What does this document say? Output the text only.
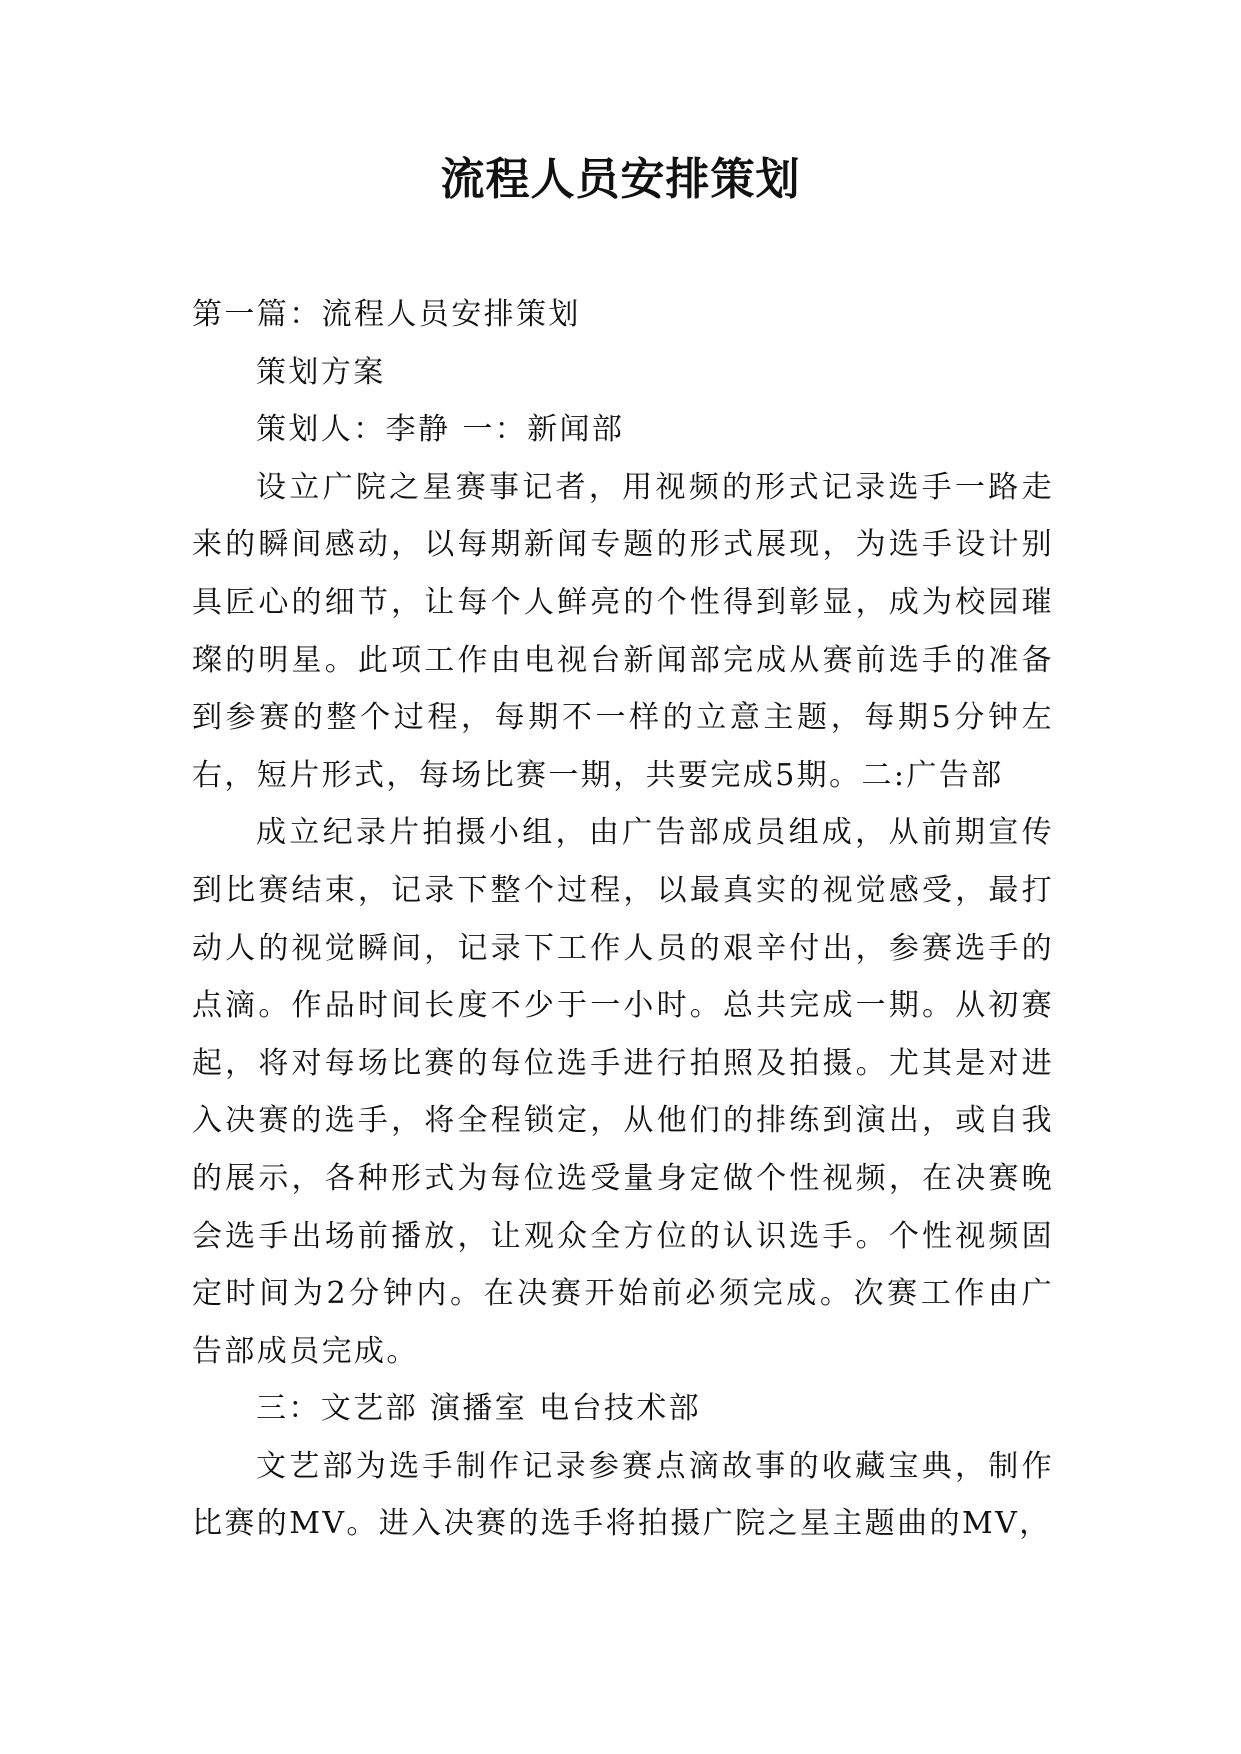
流程人员安排策划

第一篇：流程人员安排策划

策划方案

策划人：李静 一：新闻部

设立广院之星赛事记者，用视频的形式记录选手一路走来的瞬间感动，以每期新闻专题的形式展现，为选手设计别具匠心的细节，让每个人鲜亮的个性得到彰显，成为校园璀璨的明星。此项工作由电视台新闻部完成从赛前选手的准备到参赛的整个过程，每期不一样的立意主题，每期5分钟左右，短片形式，每场比赛一期，共要完成5期。二:广告部

成立纪录片拍摄小组，由广告部成员组成，从前期宣传到比赛结束，记录下整个过程，以最真实的视觉感受，最打动人的视觉瞬间，记录下工作人员的艰辛付出，参赛选手的点滴。作品时间长度不少于一小时。总共完成一期。从初赛起，将对每场比赛的每位选手进行拍照及拍摄。尤其是对进入决赛的选手，将全程锁定，从他们的排练到演出，或自我的展示，各种形式为每位选受量身定做个性视频，在决赛晚会选手出场前播放，让观众全方位的认识选手。个性视频固定时间为2分钟内。在决赛开始前必须完成。次赛工作由广告部成员完成。

三：文艺部 演播室 电台技术部

文艺部为选手制作记录参赛点滴故事的收藏宝典，制作比赛的MV。进入决赛的选手将拍摄广院之星主题曲的MV，
